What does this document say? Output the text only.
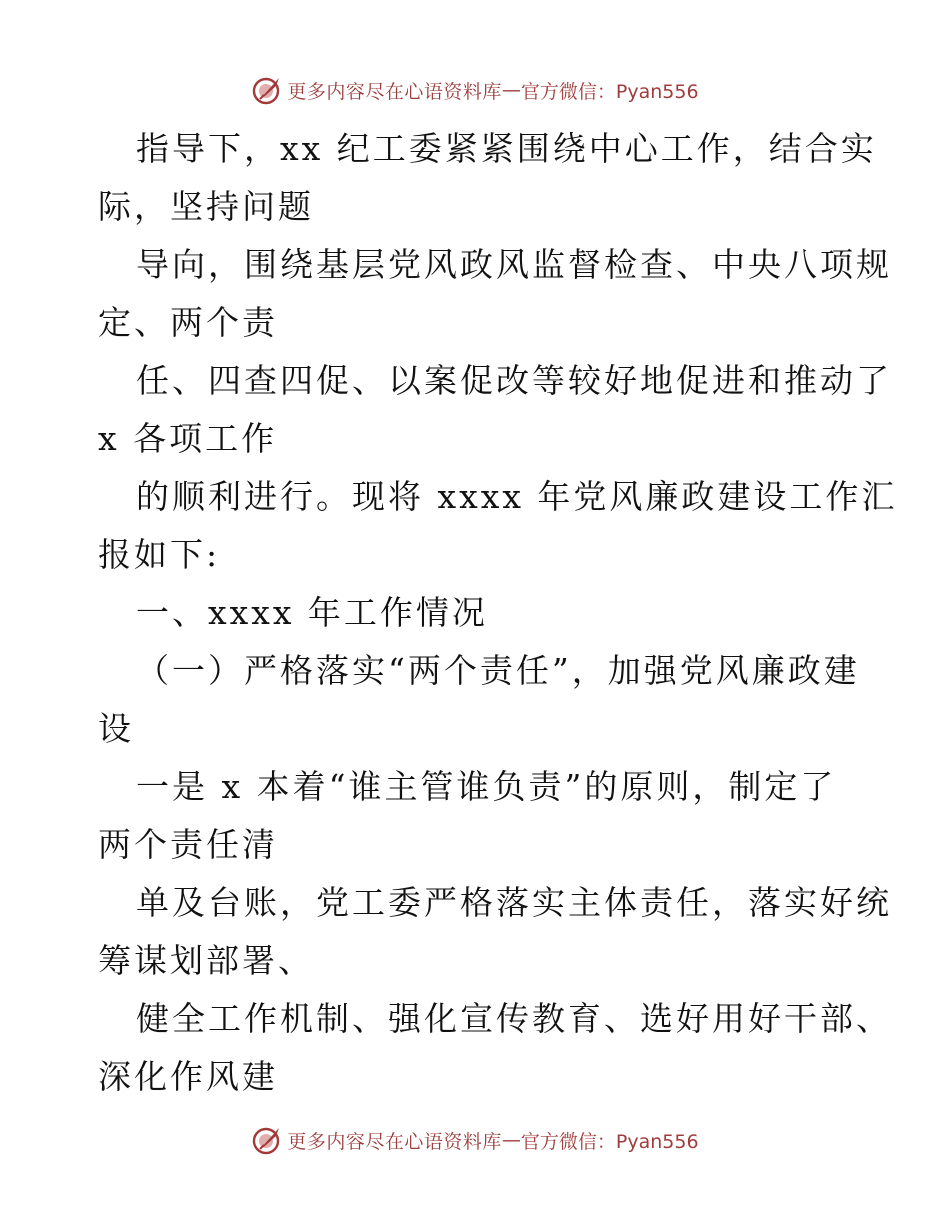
更多内容尽在心语资料库 — 官方微信：Pyan556
指导下，xx 纪工委紧紧围绕中心工作，结合实
际，坚持问题
导向，围绕基层党风政风监督检查、中央八项规
定、两个责
任、四查四促、以案促改等较好地促进和推动了
x 各项工作
的顺利进行。现将 xxxx 年党风廉政建设工作汇
报如下:
一、xxxx 年工作情况
（一）严格落实“两个责任”，加强党风廉政建
设
一是 x 本着“谁主管谁负责”的原则，制定了
两个责任清
单及台账，党工委严格落实主体责任，落实好统
筹谋划部署、
健全工作机制、强化宣传教育、选好用好干部、
深化作风建
更多内容尽在心语资料库 — 官方微信：Pyan556
